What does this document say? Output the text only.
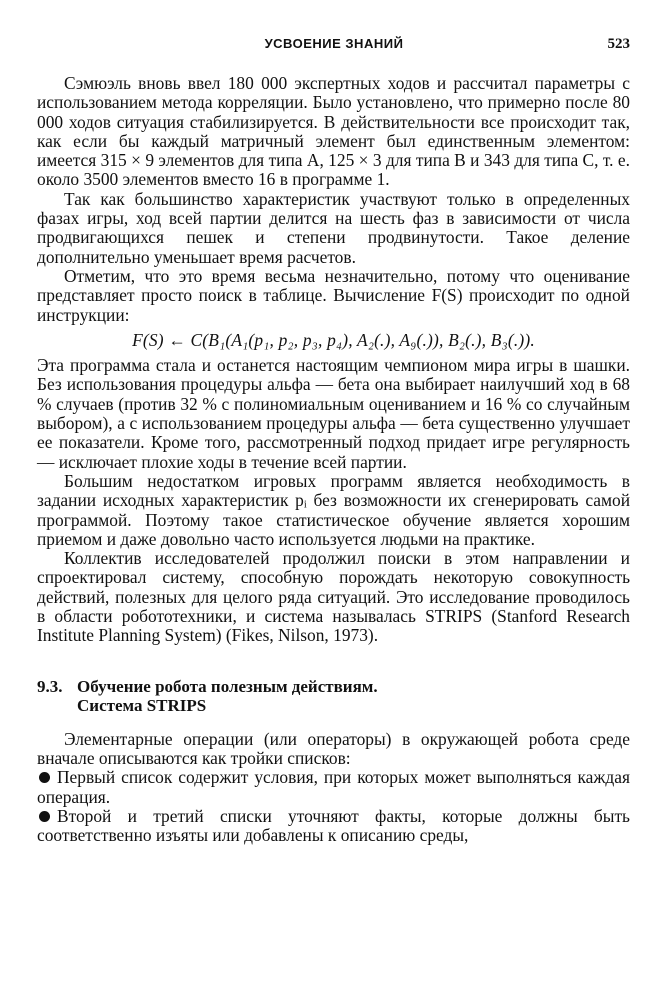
УСВОЕНИЕ ЗНАНИЙ	523

Сэмюэль вновь ввел 180 000 экспертных ходов и рассчитал параметры с использованием метода корреляции. Было установлено, что примерно после 80 000 ходов ситуация стабилизируется. В действительности все происходит так, как если бы каждый матричный элемент был единственным элементом: имеется 315 × 9 элементов для типа A, 125 × 3 для типа B и 343 для типа C, т. е. около 3500 элементов вместо 16 в программе 1.

Так как большинство характеристик участвуют только в определенных фазах игры, ход всей партии делится на шесть фаз в зависимости от числа продвигающихся пешек и степени продвинутости. Такое деление дополнительно уменьшает время расчетов.

Отметим, что это время весьма незначительно, потому что оценивание представляет просто поиск в таблице. Вычисление F(S) происходит по одной инструкции:

F(S) ← C(B₁(A₁(p₁, p₂, p₃, p₄), A₂(.), A₉(.)), B₂(.), B₃(.)).

Эта программа стала и останется настоящим чемпионом мира игры в шашки. Без использования процедуры альфа — бета она выбирает наилучший ход в 68 % случаев (против 32 % с полиномиальным оцениванием и 16 % со случайным выбором), а с использованием процедуры альфа — бета существенно улучшает ее показатели. Кроме того, рассмотренный подход придает игре регулярность — исключает плохие ходы в течение всей партии.

Большим недостатком игровых программ является необходимость в задании исходных характеристик pᵢ без возможности их сгенерировать самой программой. Поэтому такое статистическое обучение является хорошим приемом и даже довольно часто используется людьми на практике.

Коллектив исследователей продолжил поиски в этом направлении и спроектировал систему, способную порождать некоторую совокупность действий, полезных для целого ряда ситуаций. Это исследование проводилось в области робототехники, и система называлась STRIPS (Stanford Research Institute Planning System) (Fikes, Nilson, 1973).

9.3. Обучение робота полезным действиям.
Система STRIPS

Элементарные операции (или операторы) в окружающей робота среде вначале описываются как тройки списков:

Первый список содержит условия, при которых может выполняться каждая операция.

Второй и третий списки уточняют факты, которые должны быть соответственно изъяты или добавлены к описанию среды,
